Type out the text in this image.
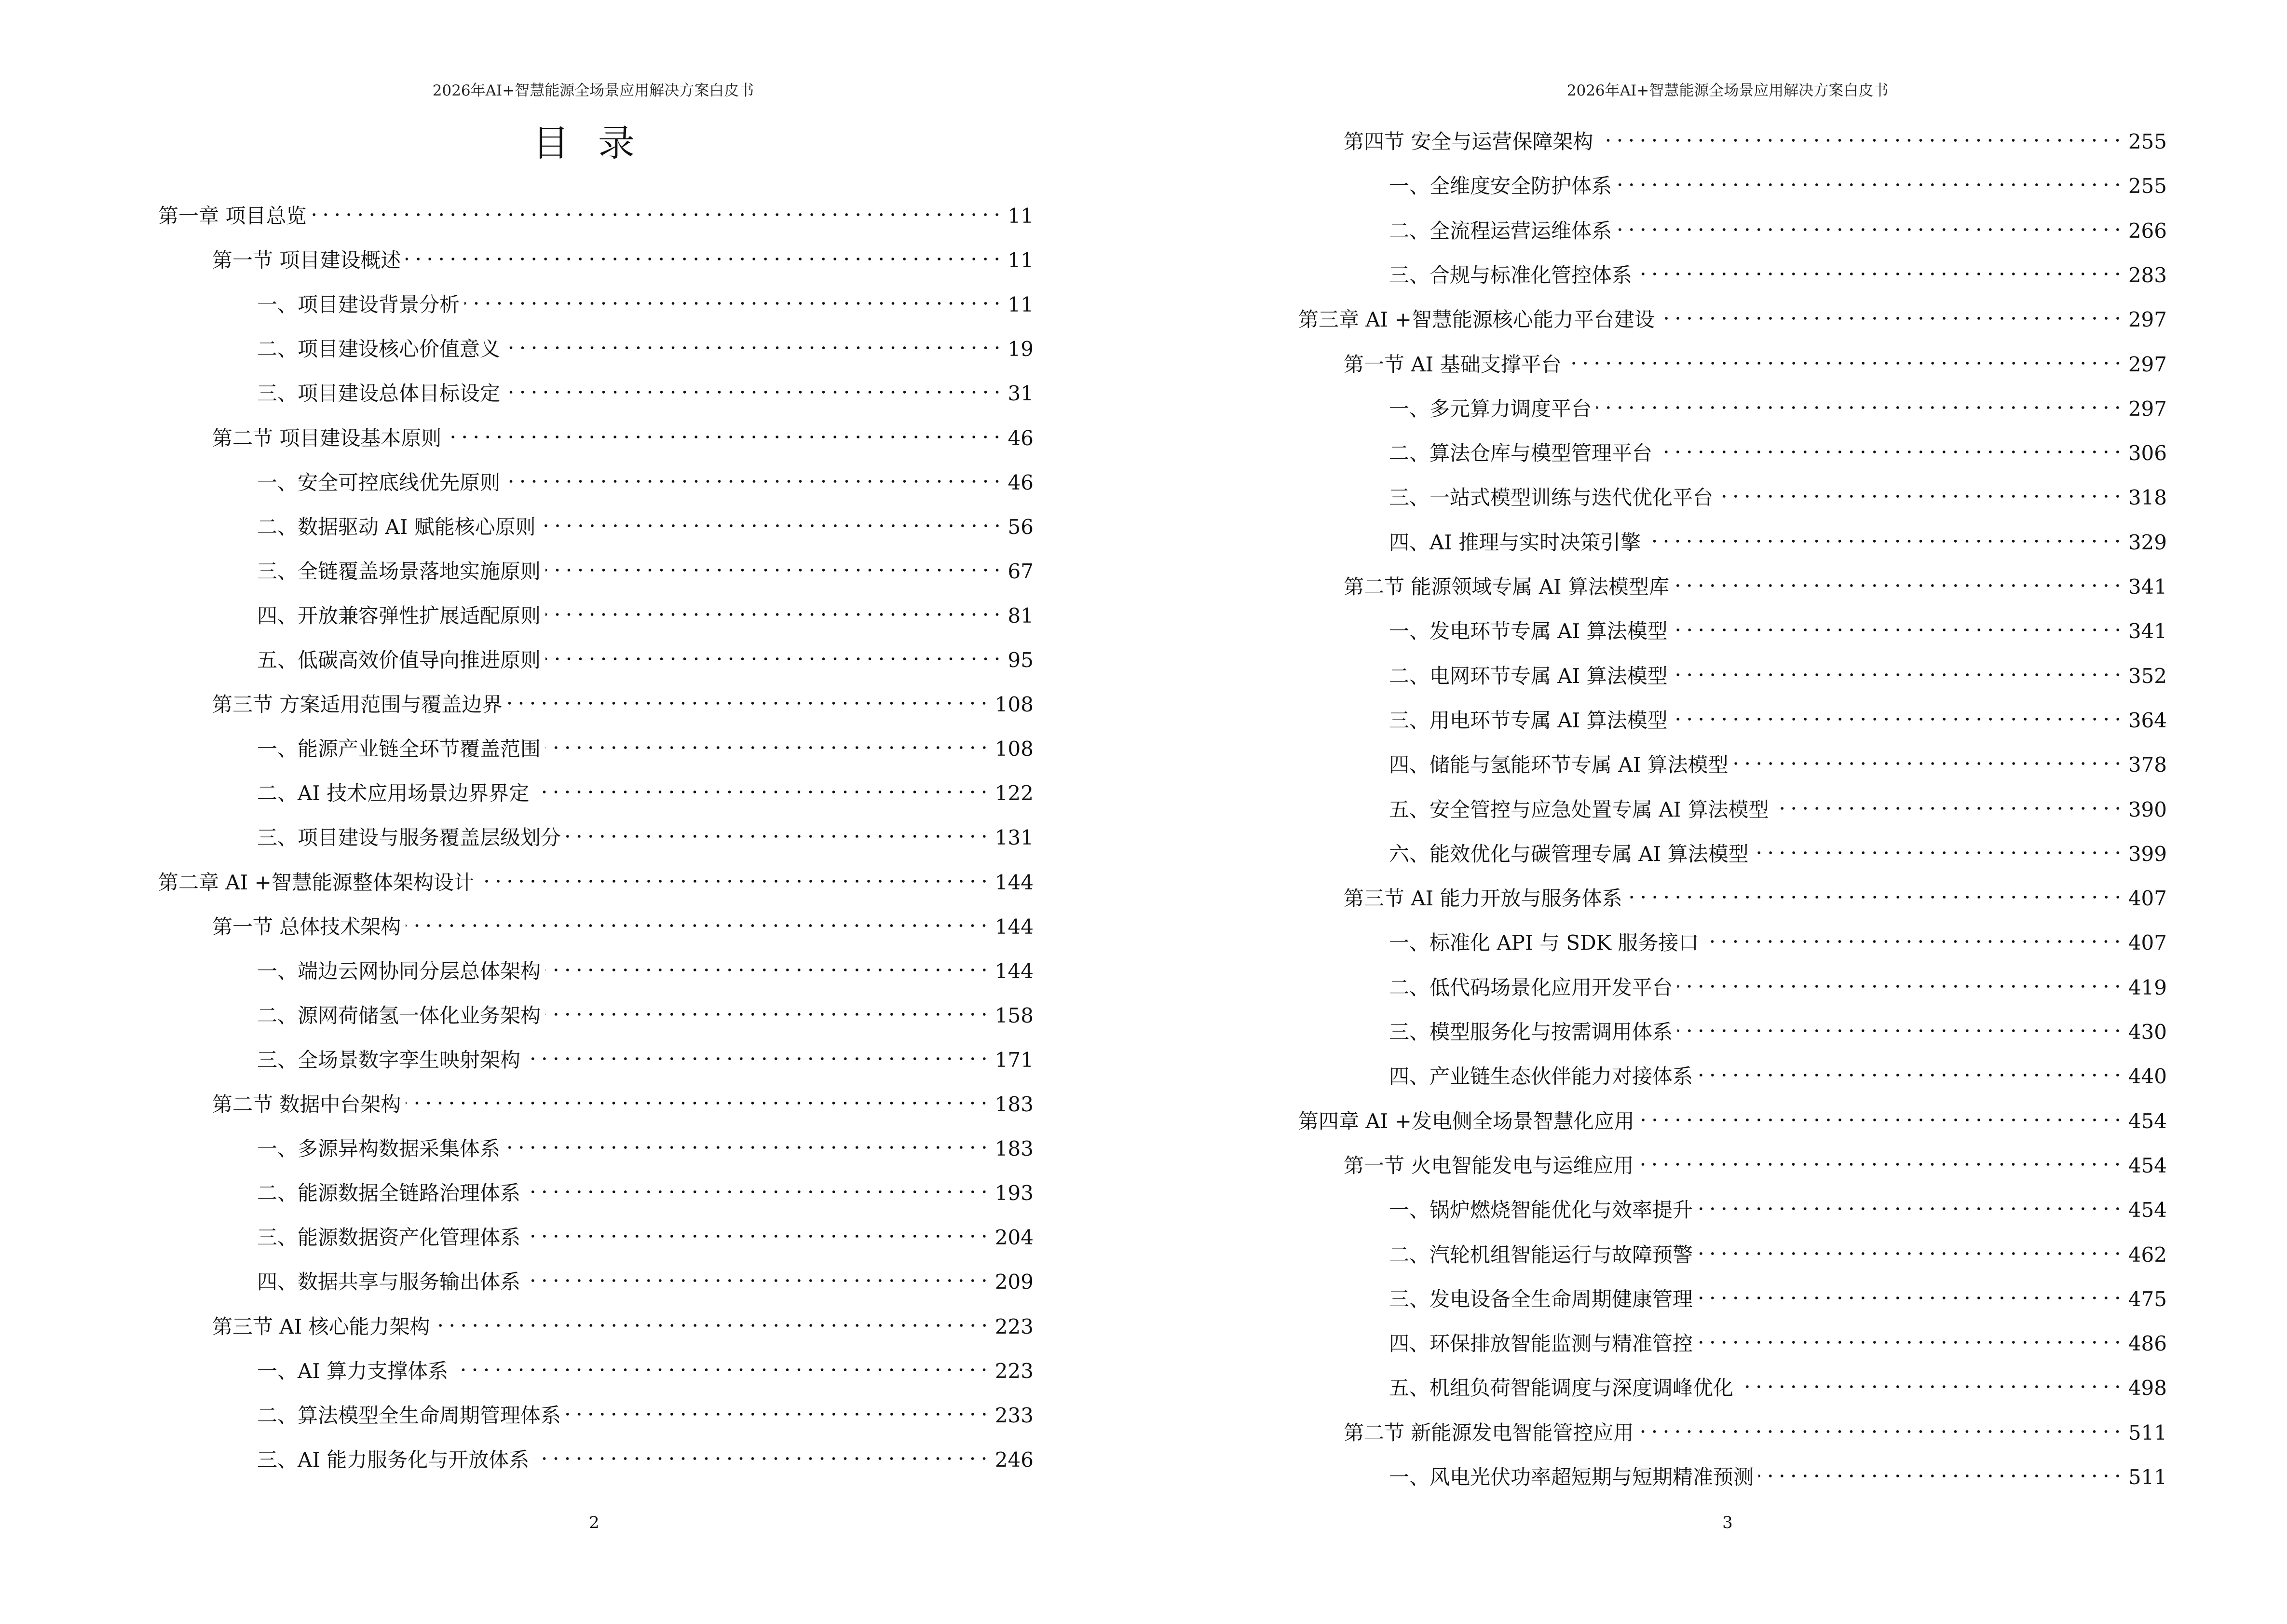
2026年AI+智慧能源全场景应用解决方案白皮书
目录
第一章 项目总览	11
第一节 项目建设概述	11
一、项目建设背景分析	11
二、项目建设核心价值意义	19
三、项目建设总体目标设定	31
第二节 项目建设基本原则	46
一、安全可控底线优先原则	46
二、数据驱动 AI 赋能核心原则	56
三、全链覆盖场景落地实施原则	67
四、开放兼容弹性扩展适配原则	81
五、低碳高效价值导向推进原则	95
第三节 方案适用范围与覆盖边界	108
一、能源产业链全环节覆盖范围	108
二、AI 技术应用场景边界界定	122
三、项目建设与服务覆盖层级划分	131
第二章 AI +智慧能源整体架构设计	144
第一节 总体技术架构	144
一、端边云网协同分层总体架构	144
二、源网荷储氢一体化业务架构	158
三、全场景数字孪生映射架构	171
第二节 数据中台架构	183
一、多源异构数据采集体系	183
二、能源数据全链路治理体系	193
三、能源数据资产化管理体系	204
四、数据共享与服务输出体系	209
第三节 AI 核心能力架构	223
一、AI 算力支撑体系	223
二、算法模型全生命周期管理体系	233
三、AI 能力服务化与开放体系	246
2
2026年AI+智慧能源全场景应用解决方案白皮书
第四节 安全与运营保障架构	255
一、全维度安全防护体系	255
二、全流程运营运维体系	266
三、合规与标准化管控体系	283
第三章 AI +智慧能源核心能力平台建设	297
第一节 AI 基础支撑平台	297
一、多元算力调度平台	297
二、算法仓库与模型管理平台	306
三、一站式模型训练与迭代优化平台	318
四、AI 推理与实时决策引擎	329
第二节 能源领域专属 AI 算法模型库	341
一、发电环节专属 AI 算法模型	341
二、电网环节专属 AI 算法模型	352
三、用电环节专属 AI 算法模型	364
四、储能与氢能环节专属 AI 算法模型	378
五、安全管控与应急处置专属 AI 算法模型	390
六、能效优化与碳管理专属 AI 算法模型	399
第三节 AI 能力开放与服务体系	407
一、标准化 API 与 SDK 服务接口	407
二、低代码场景化应用开发平台	419
三、模型服务化与按需调用体系	430
四、产业链生态伙伴能力对接体系	440
第四章 AI +发电侧全场景智慧化应用	454
第一节 火电智能发电与运维应用	454
一、锅炉燃烧智能优化与效率提升	454
二、汽轮机组智能运行与故障预警	462
三、发电设备全生命周期健康管理	475
四、环保排放智能监测与精准管控	486
五、机组负荷智能调度与深度调峰优化	498
第二节 新能源发电智能管控应用	511
一、风电光伏功率超短期与短期精准预测	511
3
